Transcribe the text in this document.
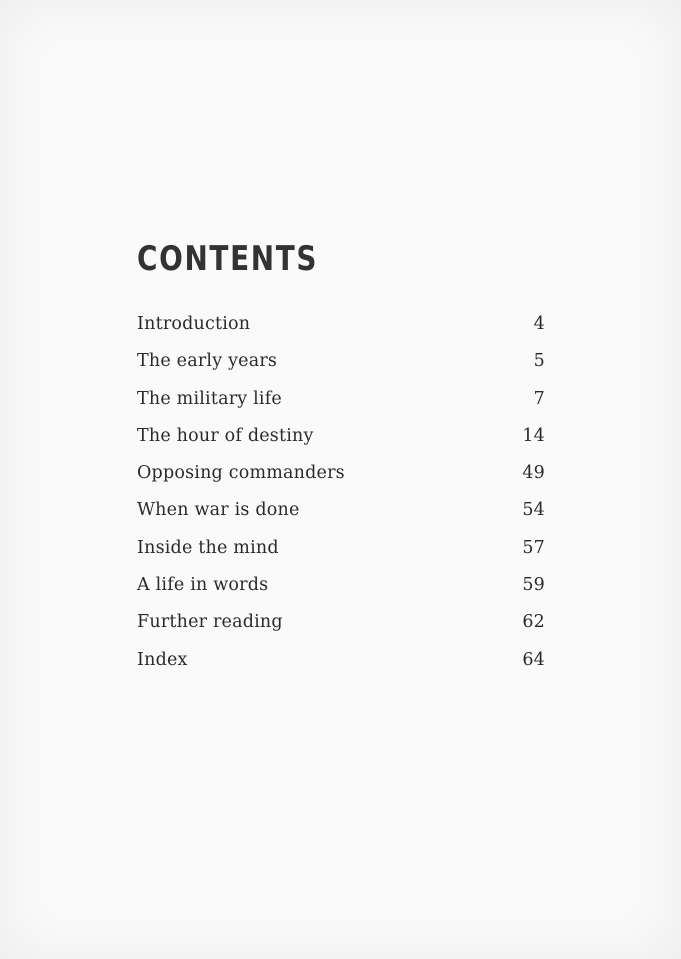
CONTENTS
Introduction	4
The early years	5
The military life	7
The hour of destiny	14
Opposing commanders	49
When war is done	54
Inside the mind	57
A life in words	59
Further reading	62
Index	64
